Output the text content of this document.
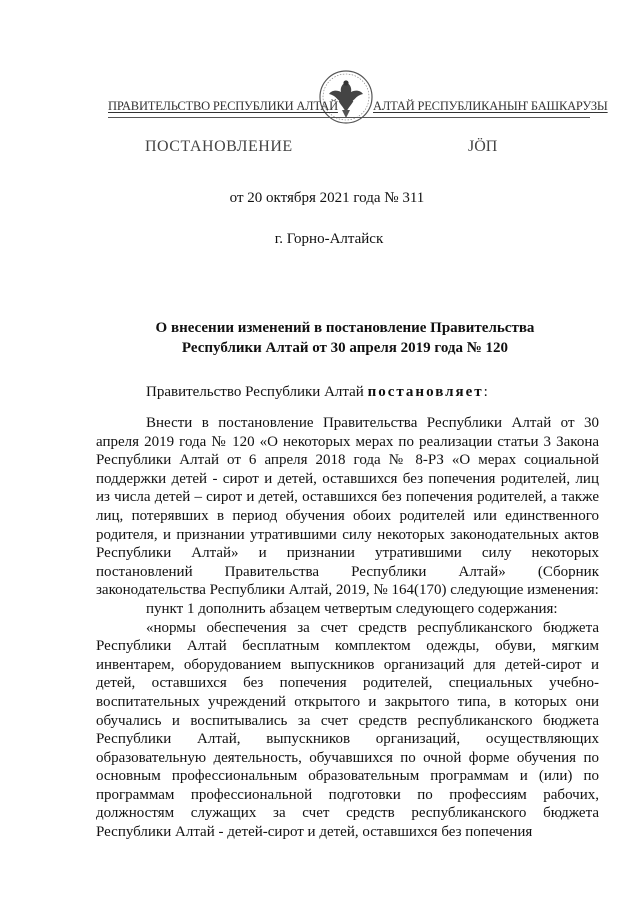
ПРАВИТЕЛЬСТВО РЕСПУБЛИКИ АЛТАЙ	АЛТАЙ РЕСПУБЛИКАНЫҤ БАШКАРУЗЫ
ПОСТАНОВЛЕНИЕ	ЈӦП
от 20 октября 2021 года № 311
г. Горно-Алтайск
О внесении изменений в постановление Правительства
Республики Алтай от 30 апреля 2019 года № 120
Правительство Республики Алтай постановляет:

Внести в постановление Правительства Республики Алтай от 30 апреля 2019 года № 120 «О некоторых мерах по реализации статьи 3 Закона Республики Алтай от 6 апреля 2018 года № 8-РЗ «О мерах социальной поддержки детей - сирот и детей, оставшихся без попечения родителей, лиц из числа детей – сирот и детей, оставшихся без попечения родителей, а также лиц, потерявших в период обучения обоих родителей или единственного родителя, и признании утратившими силу некоторых законодательных актов Республики Алтай» и признании утратившими силу некоторых постановлений Правительства Республики Алтай» (Сборник законодательства Республики Алтай, 2019, № 164(170) следующие изменения:

пункт 1 дополнить абзацем четвертым следующего содержания:

«нормы обеспечения за счет средств республиканского бюджета Республики Алтай бесплатным комплектом одежды, обуви, мягким инвентарем, оборудованием выпускников организаций для детей-сирот и детей, оставшихся без попечения родителей, специальных учебно-воспитательных учреждений открытого и закрытого типа, в которых они обучались и воспитывались за счет средств республиканского бюджета Республики Алтай, выпускников организаций, осуществляющих образовательную деятельность, обучавшихся по очной форме обучения по основным профессиональным образовательным программам и (или) по программам профессиональной подготовки по профессиям рабочих, должностям служащих за счет средств республиканского бюджета Республики Алтай - детей-сирот и детей, оставшихся без попечения
